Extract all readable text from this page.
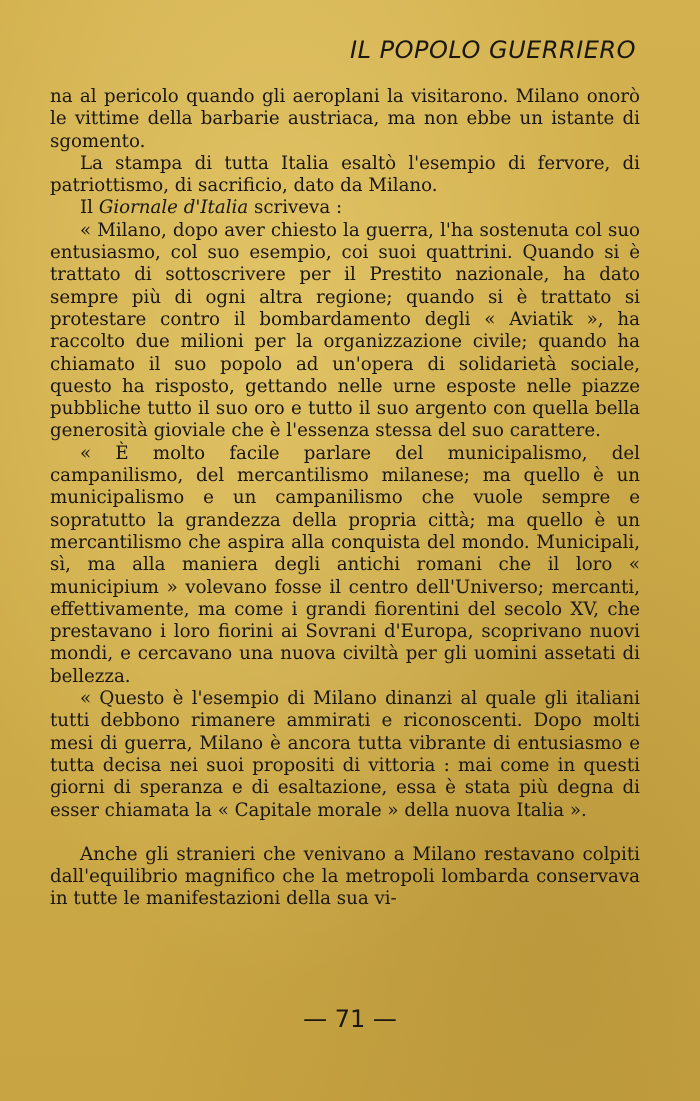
IL POPOLO GUERRIERO

na al pericolo quando gli aeroplani la visitarono. Milano onorò le vittime della barbarie austriaca, ma non ebbe un istante di sgomento.

La stampa di tutta Italia esaltò l'esempio di fervore, di patriottismo, di sacrificio, dato da Milano.

Il Giornale d'Italia scriveva :

« Milano, dopo aver chiesto la guerra, l'ha sostenuta col suo entusiasmo, col suo esempio, coi suoi quattrini. Quando si è trattato di sottoscrivere per il Prestito nazionale, ha dato sempre più di ogni altra regione; quando si è trattato si protestare contro il bombardamento degli « Aviatik », ha raccolto due milioni per la organizzazione civile; quando ha chiamato il suo popolo ad un'opera di solidarietà sociale, questo ha risposto, gettando nelle urne esposte nelle piazze pubbliche tutto il suo oro e tutto il suo argento con quella bella generosità gioviale che è l'essenza stessa del suo carattere.

« È molto facile parlare del municipalismo, del campanilismo, del mercantilismo milanese; ma quello è un municipalismo e un campanilismo che vuole sempre e sopratutto la grandezza della propria città; ma quello è un mercantilismo che aspira alla conquista del mondo. Municipali, sì, ma alla maniera degli antichi romani che il loro « municipium » volevano fosse il centro dell'Universo; mercanti, effettivamente, ma come i grandi fiorentini del secolo XV, che prestavano i loro fiorini ai Sovrani d'Europa, scoprivano nuovi mondi, e cercavano una nuova civiltà per gli uomini assetati di bellezza.

« Questo è l'esempio di Milano dinanzi al quale gli italiani tutti debbono rimanere ammirati e riconoscenti. Dopo molti mesi di guerra, Milano è ancora tutta vibrante di entusiasmo e tutta decisa nei suoi propositi di vittoria : mai come in questi giorni di speranza e di esaltazione, essa è stata più degna di esser chiamata la « Capitale morale » della nuova Italia ».

Anche gli stranieri che venivano a Milano restavano colpiti dall'equilibrio magnifico che la metropoli lombarda conservava in tutte le manifestazioni della sua vi-

— 71 —
